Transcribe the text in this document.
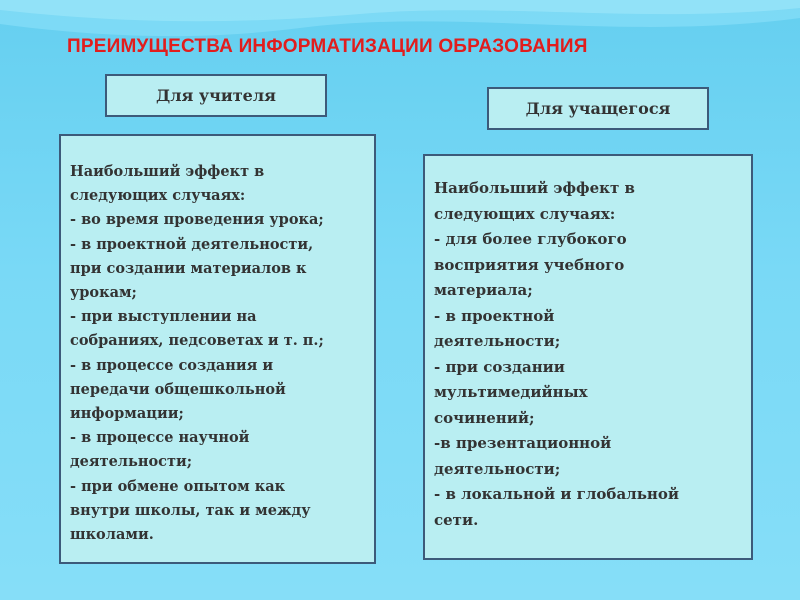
ПРЕИМУЩЕСТВА ИНФОРМАТИЗАЦИИ ОБРАЗОВАНИЯ
Для учителя
Для учащегося
Наибольший эффект в
следующих случаях:
- во время проведения урока;
- в проектной деятельности,
при создании материалов к
урокам;
- при выступлении на
собраниях, педсоветах и т. п.;
- в процессе создания и
передачи общешкольной
информации;
- в процессе научной
деятельности;
- при обмене опытом как
внутри школы, так и между
школами.
Наибольший эффект в
следующих случаях:
- для более глубокого
восприятия учебного
материала;
- в проектной
деятельности;
- при создании
мультимедийных
сочинений;
-в презентационной
деятельности;
- в локальной и глобальной
сети.
